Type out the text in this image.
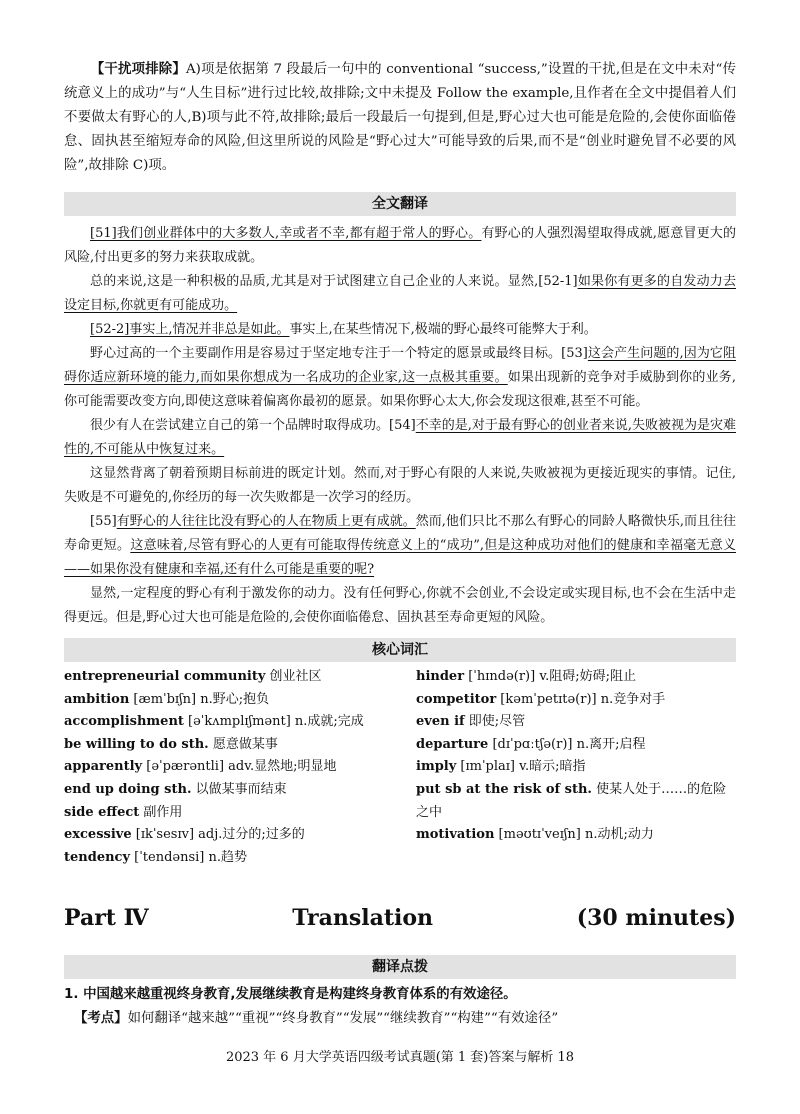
【干扰项排除】A)项是依据第 7 段最后一句中的 conventional “success,”设置的干扰,但是在文中未对“传统意义上的成功”与“人生目标”进行过比较,故排除;文中未提及 Follow the example,且作者在全文中提倡着人们不要做太有野心的人,B)项与此不符,故排除;最后一段最后一句提到,但是,野心过大也可能是危险的,会使你面临倦怠、固执甚至缩短寿命的风险,但这里所说的风险是“野心过大”可能导致的后果,而不是“创业时避免冒不必要的风险”,故排除 C)项。

全文翻译

[51]我们创业群体中的大多数人,幸或者不幸,都有超于常人的野心。有野心的人强烈渴望取得成就,愿意冒更大的风险,付出更多的努力来获取成就。

总的来说,这是一种积极的品质,尤其是对于试图建立自己企业的人来说。显然,[52-1]如果你有更多的自发动力去设定目标,你就更有可能成功。

[52-2]事实上,情况并非总是如此。事实上,在某些情况下,极端的野心最终可能弊大于利。

野心过高的一个主要副作用是容易过于坚定地专注于一个特定的愿景或最终目标。[53]这会产生问题的,因为它阻碍你适应新环境的能力,而如果你想成为一名成功的企业家,这一点极其重要。如果出现新的竞争对手威胁到你的业务,你可能需要改变方向,即使这意味着偏离你最初的愿景。如果你野心太大,你会发现这很难,甚至不可能。

很少有人在尝试建立自己的第一个品牌时取得成功。[54]不幸的是,对于最有野心的创业者来说,失败被视为是灾难性的,不可能从中恢复过来。

这显然背离了朝着预期目标前进的既定计划。然而,对于野心有限的人来说,失败被视为更接近现实的事情。记住,失败是不可避免的,你经历的每一次失败都是一次学习的经历。

[55]有野心的人往往比没有野心的人在物质上更有成就。然而,他们只比不那么有野心的同龄人略微快乐,而且往往寿命更短。这意味着,尽管有野心的人更有可能取得传统意义上的“成功”,但是这种成功对他们的健康和幸福毫无意义——如果你没有健康和幸福,还有什么可能是重要的呢?

显然,一定程度的野心有利于激发你的动力。没有任何野心,你就不会创业,不会设定或实现目标,也不会在生活中走得更远。但是,野心过大也可能是危险的,会使你面临倦怠、固执甚至寿命更短的风险。

核心词汇
entrepreneurial community 创业社区
ambition [æmˈbɪʃn] n.野心;抱负
accomplishment [əˈkʌmplɪʃmənt] n.成就;完成
be willing to do sth. 愿意做某事
apparently [əˈpærəntli] adv.显然地;明显地
end up doing sth. 以做某事而结束
side effect 副作用
excessive [ɪkˈsesɪv] adj.过分的;过多的
tendency [ˈtendənsi] n.趋势
hinder [ˈhɪndə(r)] v.阻碍;妨碍;阻止
competitor [kəmˈpetɪtə(r)] n.竞争对手
even if 即使;尽管
departure [dɪˈpɑːtʃə(r)] n.离开;启程
imply [ɪmˈplaɪ] v.暗示;暗指
put sb at the risk of sth. 使某人处于……的危险之中
motivation [məʊtɪˈveɪʃn] n.动机;动力
Part Ⅳ	Translation	(30 minutes)
翻译点拨
1. 中国越来越重视终身教育,发展继续教育是构建终身教育体系的有效途径。
【考点】如何翻译“越来越”“重视”“终身教育”“发展”“继续教育”“构建”“有效途径”
2023 年 6 月大学英语四级考试真题(第 1 套)答案与解析 18
